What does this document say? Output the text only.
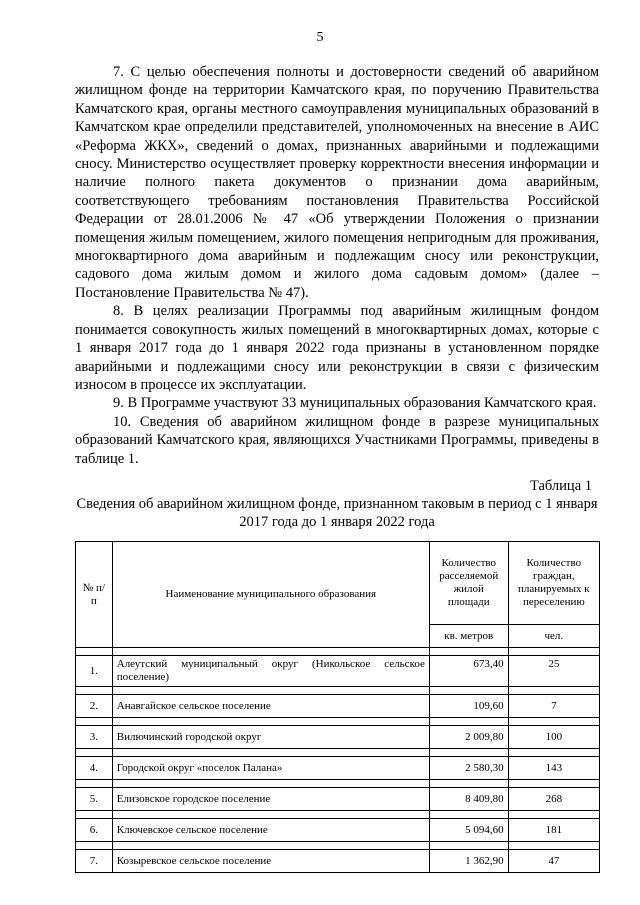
5

7. С целью обеспечения полноты и достоверности сведений об аварийном жилищном фонде на территории Камчатского края, по поручению Правительства Камчатского края, органы местного самоуправления муниципальных образований в Камчатском крае определили представителей, уполномоченных на внесение в АИС «Реформа ЖКХ», сведений о домах, признанных аварийными и подлежащими сносу. Министерство осуществляет проверку корректности внесения информации и наличие полного пакета документов о признании дома аварийным, соответствующего требованиям постановления Правительства Российской Федерации от 28.01.2006 № 47 «Об утверждении Положения о признании помещения жилым помещением, жилого помещения непригодным для проживания, многоквартирного дома аварийным и подлежащим сносу или реконструкции, садового дома жилым домом и жилого дома садовым домом» (далее – Постановление Правительства № 47).

8. В целях реализации Программы под аварийным жилищным фондом понимается совокупность жилых помещений в многоквартирных домах, которые с 1 января 2017 года до 1 января 2022 года признаны в установленном порядке аварийными и подлежащими сносу или реконструкции в связи с физическим износом в процессе их эксплуатации.

9. В Программе участвуют 33 муниципальных образования Камчатского края.

10. Сведения об аварийном жилищном фонде в разрезе муниципальных образований Камчатского края, являющихся Участниками Программы, приведены в таблице 1.

Таблица 1
Сведения об аварийном жилищном фонде, признанном таковым в период с 1 января 2017 года до 1 января 2022 года
№ п/п	Наименование муниципального образования	Количество расселяемой жилой площади	Количество граждан, планируемых к переселению
		кв. метров	чел.

1.	Алеутский муниципальный округ (Никольское сельское поселение)	673,40	25

2.	Анавгайское сельское поселение	109,60	7

3.	Вилючинский городской округ	2 009,80	100

4.	Городской округ «поселок Палана»	2 580,30	143

5.	Елизовское городское поселение	8 409,80	268

6.	Ключевское сельское поселение	5 094,60	181

7.	Козыревское сельское поселение	1 362,90	47
